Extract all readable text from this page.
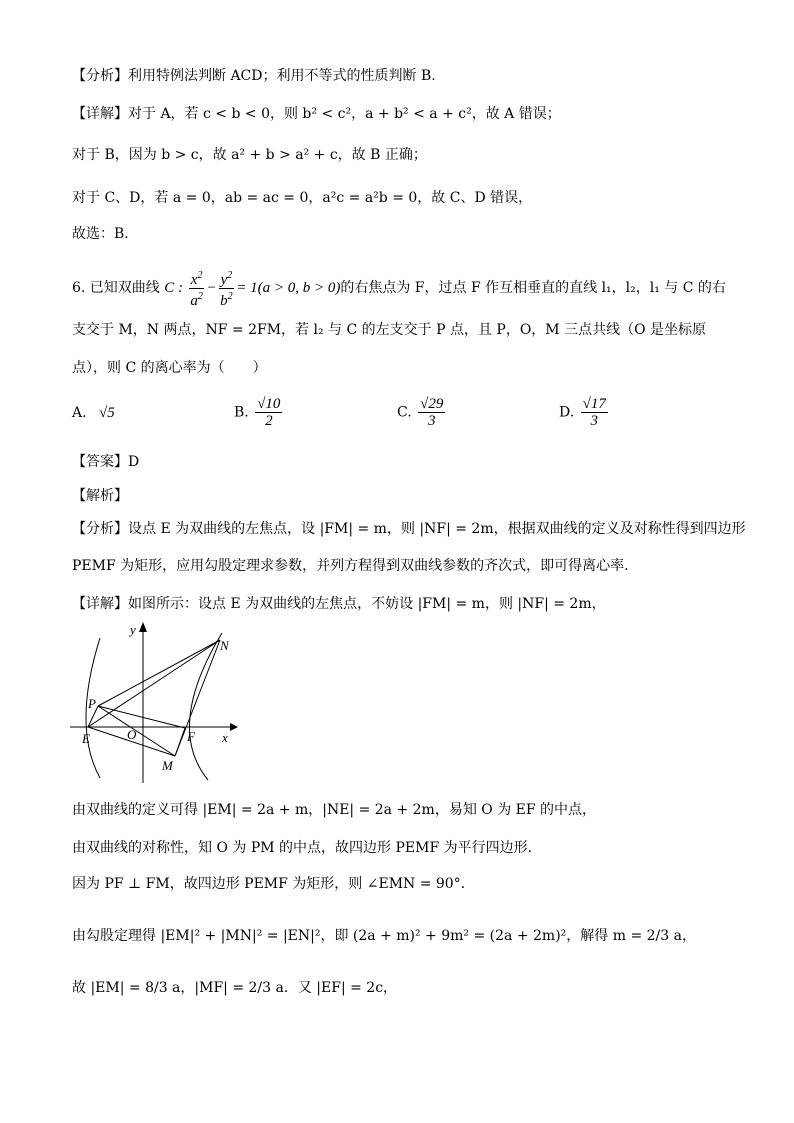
【分析】利用特例法判断 ACD；利用不等式的性质判断 B.
【详解】对于 A，若 c < b < 0，则 b² < c²，a + b² < a + c²，故 A 错误；
对于 B，因为 b > c，故 a² + b > a² + c，故 B 正确；
对于 C、D，若 a = 0，ab = ac = 0，a²c = a²b = 0，故 C、D 错误，
故选：B．
6. 已知双曲线 C : $\frac{x^2}{a^2} - \frac{y^2}{b^2} = 1(a > 0$, b > 0)的右焦点为 F，过点 F 作互相垂直的直线 l₁，l₂，l₁ 与 C 的右
支交于 M，N 两点，NF = 2FM，若 l₂ 与 C 的左支交于 P 点，且 P，O，M 三点共线（O 是坐标原
点），则 C 的离心率为（　　）
A. √5	B. $\frac{√10}{2}$	C. $\frac{√29}{3}$	D. $\frac{√17}{3}$
【答案】D
【解析】
【分析】设点 E 为双曲线的左焦点，设 |FM| = m，则 |NF| = 2m，根据双曲线的定义及对称性得到四边形
PEMF 为矩形，应用勾股定理求参数，并列方程得到双曲线参数的齐次式，即可得离心率.
【详解】如图所示：设点 E 为双曲线的左焦点，不妨设 |FM| = m，则 |NF| = 2m，
y
x
N
P
E	O	F
M
由双曲线的定义可得 |EM| = 2a + m，|NE| = 2a + 2m，易知 O 为 EF 的中点，
由双曲线的对称性，知 O 为 PM 的中点，故四边形 PEMF 为平行四边形．
因为 PF ⊥ FM，故四边形 PEMF 为矩形，则 ∠EMN = 90°．
由勾股定理得 |EM|² + |MN|² = |EN|²，即 (2a + m)² + 9m² = (2a + 2m)²，解得 m = 2/3 a，
故 |EM| = 8/3 a，|MF| = 2/3 a．又 |EF| = 2c，
